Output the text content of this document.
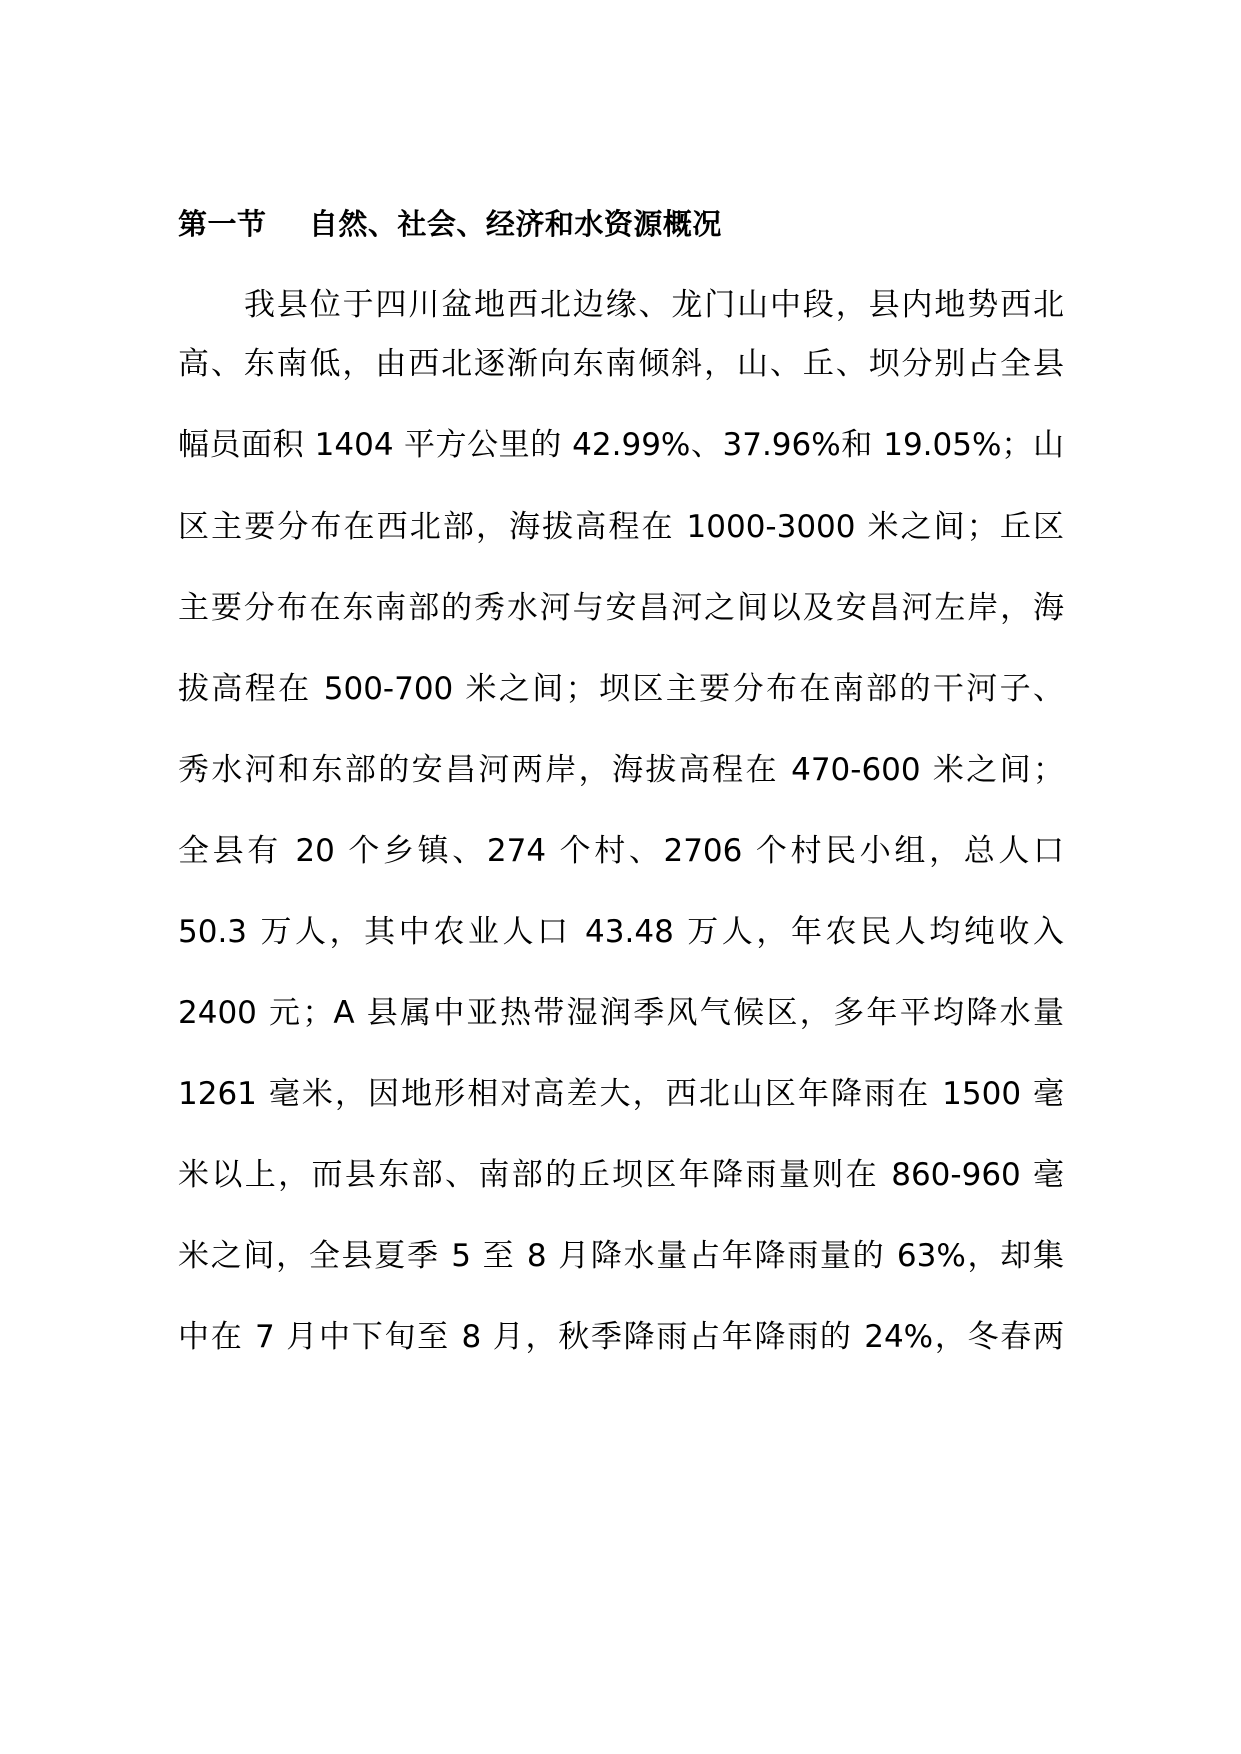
第一节    自然、社会、经济和水资源概况
我县位于四川盆地西北边缘、龙门山中段，县内地势西北
高、东南低，由西北逐渐向东南倾斜，山、丘、坝分别占全县
幅员面积 1404 平方公里的 42.99%、37.96%和 19.05%；山
区主要分布在西北部，海拔高程在 1000-3000 米之间；丘区
主要分布在东南部的秀水河与安昌河之间以及安昌河左岸，海
拔高程在 500-700 米之间；坝区主要分布在南部的干河子、
秀水河和东部的安昌河两岸，海拔高程在 470-600 米之间；
全县有 20 个乡镇、274 个村、2706 个村民小组，总人口
50.3 万人，其中农业人口 43.48 万人，年农民人均纯收入
2400 元；A 县属中亚热带湿润季风气候区，多年平均降水量
1261 毫米，因地形相对高差大，西北山区年降雨在 1500 毫
米以上，而县东部、南部的丘坝区年降雨量则在 860-960 毫
米之间，全县夏季 5 至 8 月降水量占年降雨量的 63%，却集
中在 7 月中下旬至 8 月，秋季降雨占年降雨的 24%，冬春两
